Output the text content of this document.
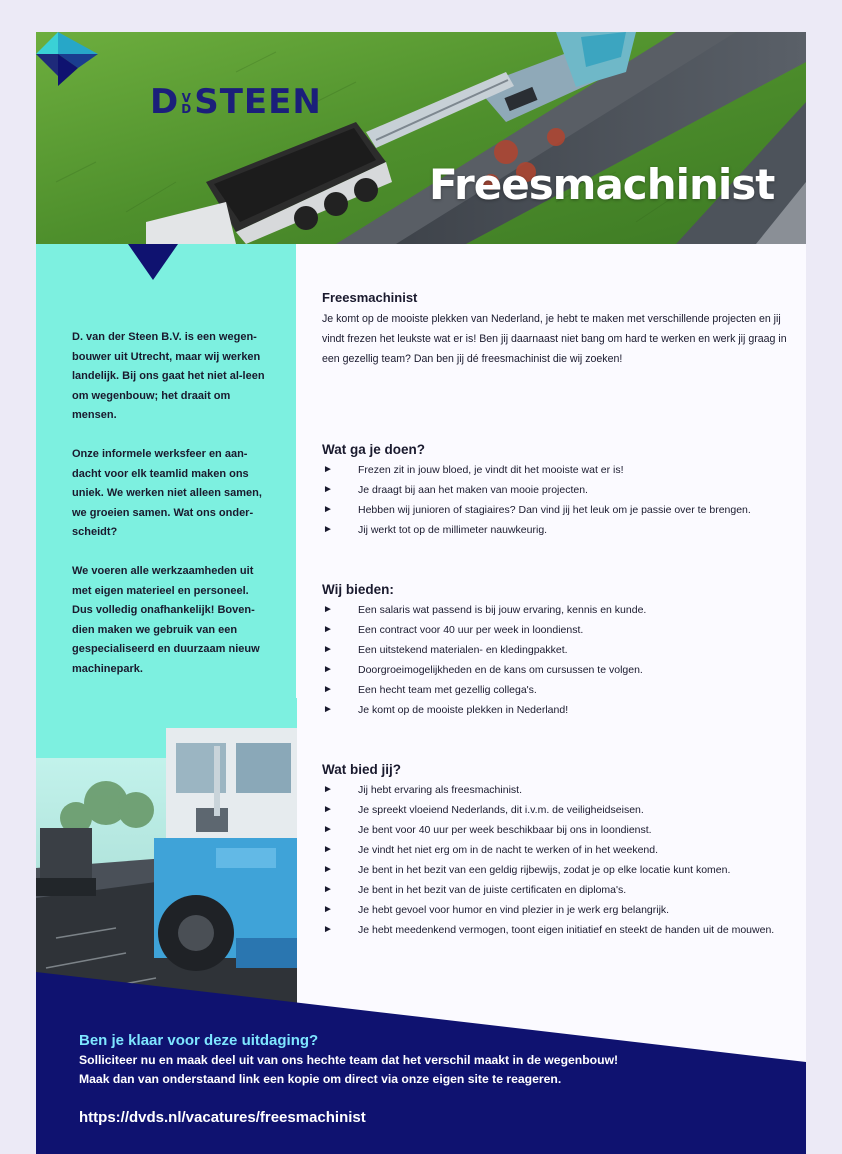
D V
DSTEEN
Freesmachinist

D. van der Steen B.V. is een wegen-bouwer uit Utrecht, maar wij werken landelijk. Bij ons gaat het niet al-leen om wegenbouw; het draait om mensen.

Onze informele werksfeer en aan-dacht voor elk teamlid maken ons uniek. We werken niet alleen samen, we groeien samen. Wat ons onder-scheidt?

We voeren alle werkzaamheden uit met eigen materieel en personeel. Dus volledig onafhankelijk! Boven-dien maken we gebruik van een gespecialiseerd en duurzaam nieuw machinepark.

Freesmachinist

Je komt op de mooiste plekken van Nederland, je hebt te maken met verschillende projecten en jij vindt frezen het leukste wat er is! Ben jij daarnaast niet bang om hard te werken en werk jij graag in een gezellig team? Dan ben jij dé freesmachinist die wij zoeken!

Wat ga je doen?
► Frezen zit in jouw bloed, je vindt dit het mooiste wat er is!
► Je draagt bij aan het maken van mooie projecten.
► Hebben wij junioren of stagiaires? Dan vind jij het leuk om je passie over te brengen.
► Jij werkt tot op de millimeter nauwkeurig.
Wij bieden:
► Een salaris wat passend is bij jouw ervaring, kennis en kunde.
► Een contract voor 40 uur per week in loondienst.
► Een uitstekend materialen- en kledingpakket.
► Doorgroeimogelijkheden en de kans om cursussen te volgen.
► Een hecht team met gezellig collega's.
► Je komt op de mooiste plekken in Nederland!
Wat bied jij?
► Jij hebt ervaring als freesmachinist.
► Je spreekt vloeiend Nederlands, dit i.v.m. de veiligheidseisen.
► Je bent voor 40 uur per week beschikbaar bij ons in loondienst.
► Je vindt het niet erg om in de nacht te werken of in het weekend.
► Je bent in het bezit van een geldig rijbewijs, zodat je op elke locatie kunt komen.
► Je bent in het bezit van de juiste certificaten en diploma's.
► Je hebt gevoel voor humor en vind plezier in je werk erg belangrijk.
► Je hebt meedenkend vermogen, toont eigen initiatief en steekt de handen uit de mouwen.
Ben je klaar voor deze uitdaging?

Solliciteer nu en maak deel uit van ons hechte team dat het verschil maakt in de wegenbouw!

Maak dan van onderstaand link een kopie om direct via onze eigen site te reageren.

https://dvds.nl/vacatures/freesmachinist
